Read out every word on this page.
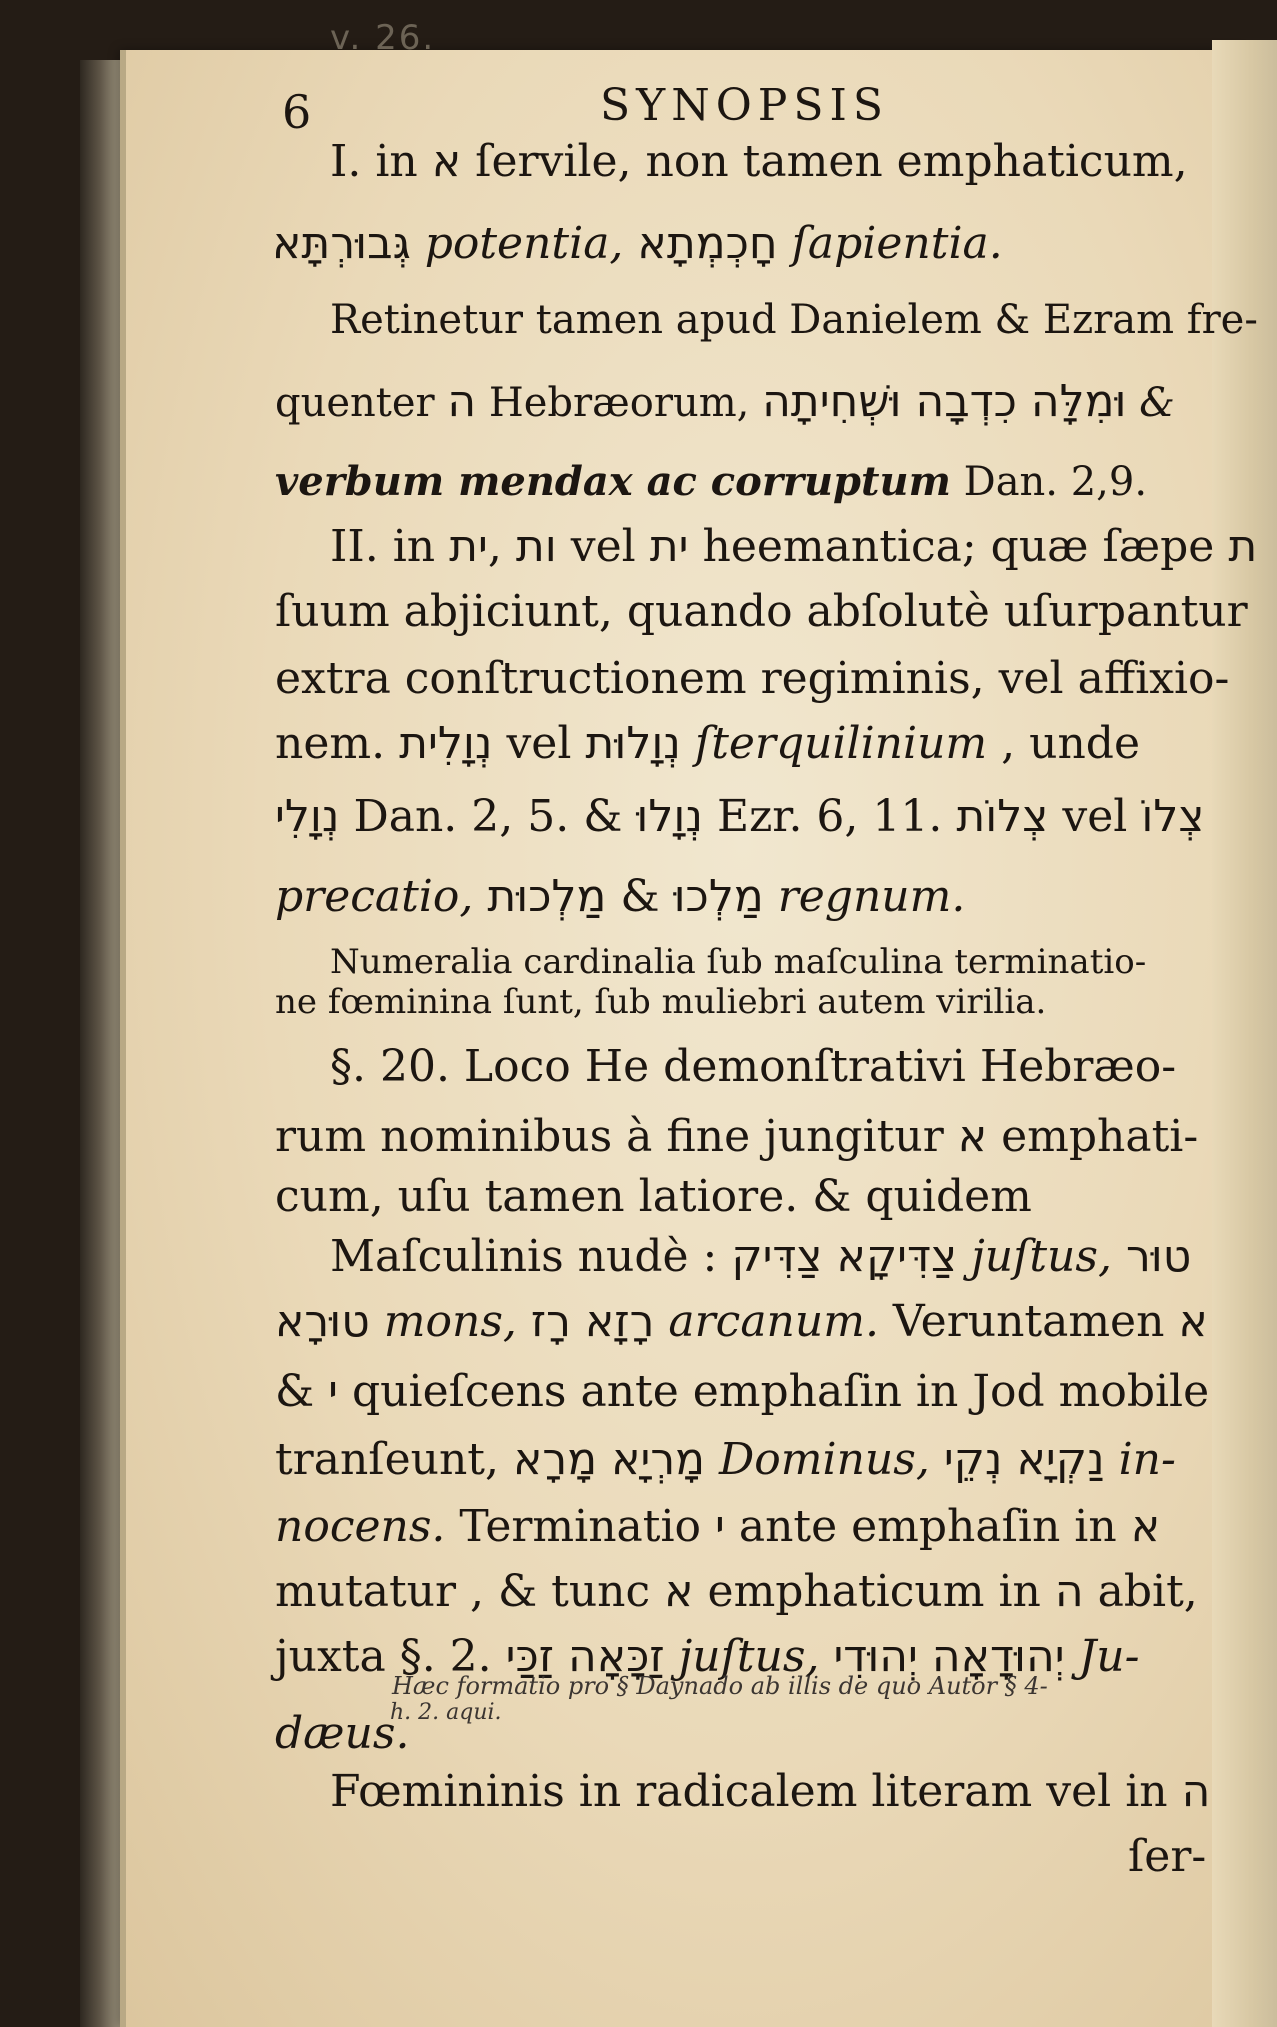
v. 26.
6	SYNOPSIS
I. in א ſervile, non tamen emphaticum,
גְּבוּרְתָּא potentia, חָכְמְתָא ſapientia.
Retinetur tamen apud Danielem & Ezram fre-
quenter ה Hebræorum, וּמִלָּה כִדְבָה וּשְׁחִיתָה &
verbum mendax ac corruptum Dan. 2,9.
II. in ית, ות vel ית heemantica; quæ ſæpe ת
ſuum abjiciunt, quando abſolutè uſurpantur
extra conſtructionem regiminis, vel affixio-
nem. נְוָלִית vel נְוָלוּת ſterquilinium , unde
נְוָלִי Dan. 2, 5. & נְוָלוּ Ezr. 6, 11. צְלוֹת vel צְלוֹ
precatio, מַלְכוּת & מַלְכוּ regnum.
Numeralia cardinalia ſub maſculina terminatio-
ne fœminina ſunt, ſub muliebri autem virilia.
§. 20. Loco He demonſtrativi Hebræo-
rum nominibus à fine jungitur א emphati-
cum, uſu tamen latiore. & quidem
Maſculinis nudè : צַדִּיקָא צַדִּיק juſtus, טוּר
טוּרָא mons, רָזָא רָז arcanum. Veruntamen א
& י quieſcens ante emphaſin in Jod mobile
tranſeunt, מָרְיָא מָרָא Dominus, נַקְיָא נְקֵי in-
nocens. Terminatio י ante emphaſin in א
mutatur , & tunc א emphaticum in ה abit,
juxta §. 2. זַכָּאָה זַכַּי juſtus, יְהוּדָאָה יְהוּדִי Ju-
dæus.
Fœmininis in radicalem literam vel in ה
ſer-
Hæc formatio pro § Daynado ab illis de quo Autor § 4-
h. 2. aqui.
